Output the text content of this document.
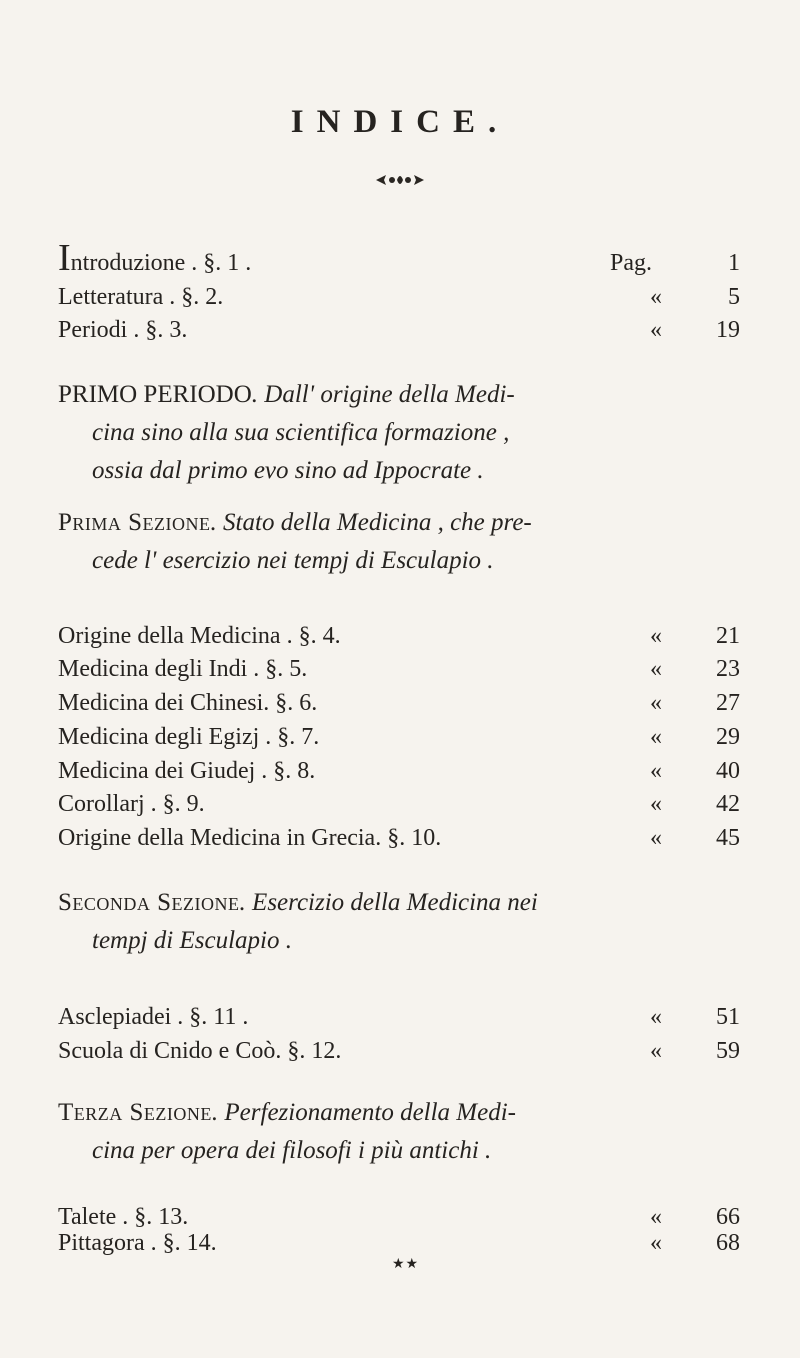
INDICE.
Introduzione . §. 1 .	Pag.	1
Letteratura . §. 2.	«	5
Periodi . §. 3.	« 19
PRIMO PERIODO. Dall' origine della Medi-
cina sino alla sua scientifica formazione ,
ossia dal primo evo sino ad Ippocrate .
Prima Sezione. Stato della Medicina , che pre-
cede l' esercizio nei tempj di Esculapio .
Origine della Medicina . §. 4.	« 21
Medicina degli Indi . §. 5.	« 23
Medicina dei Chinesi. §. 6.	« 27
Medicina degli Egizj . §. 7.	« 29
Medicina dei Giudej . §. 8.	« 40
Corollarj . §. 9.	« 42
Origine della Medicina in Grecia. §. 10.	« 45
Seconda Sezione. Esercizio della Medicina nei
tempj di Esculapio .
Asclepiadei . §. 11 .	« 51
Scuola di Cnido e Coò. §. 12.	« 59
Terza Sezione. Perfezionamento della Medi-
cina per opera dei filosofi i più antichi .
Talete . §. 13.	« 66
Pittagora . §. 14.	« 68
★★
